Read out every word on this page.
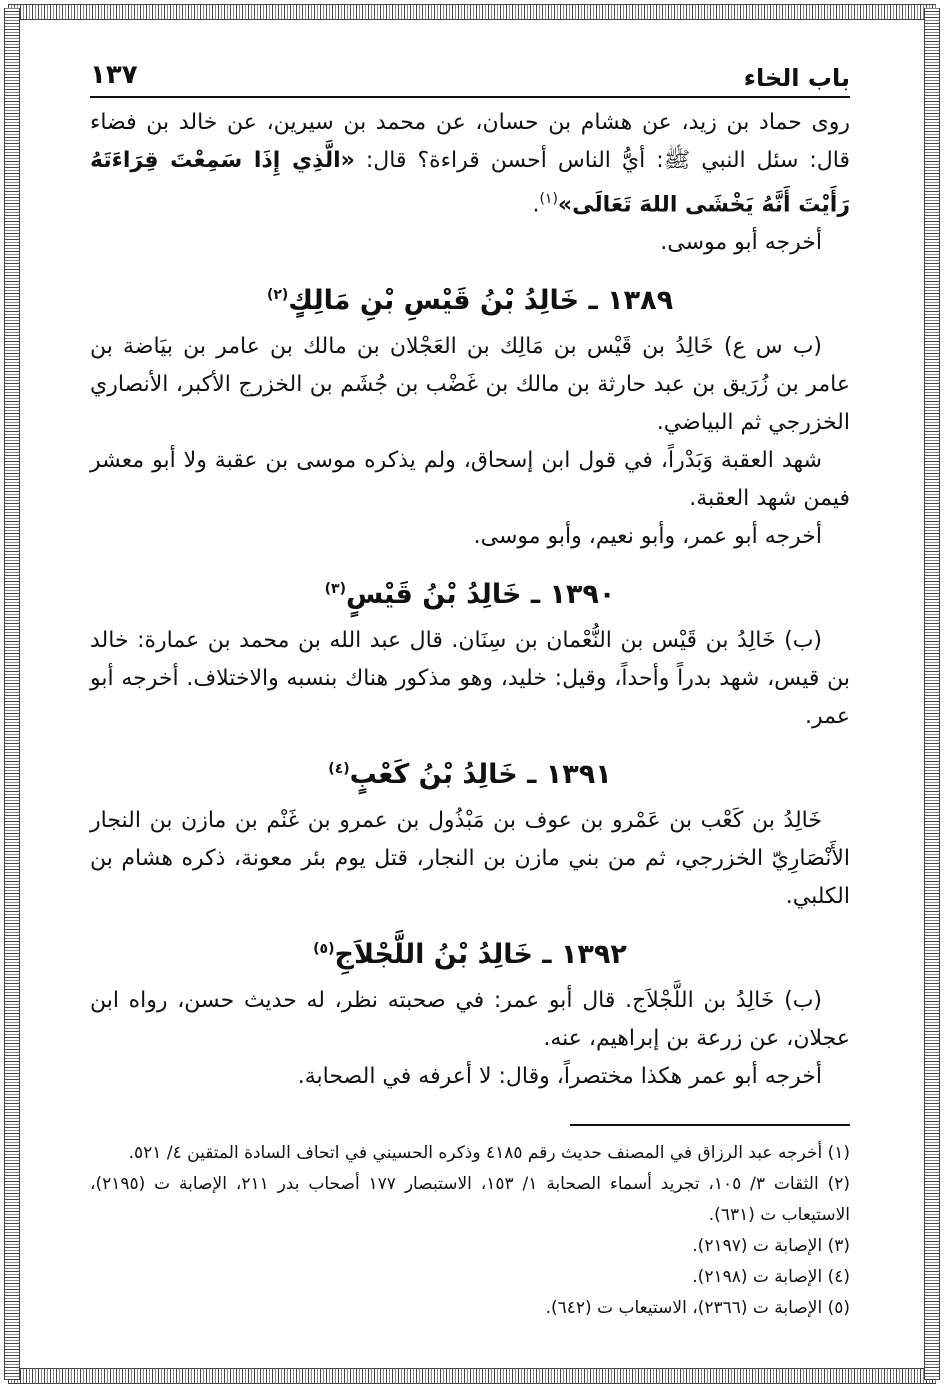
باب الخاء
١٣٧

روى حماد بن زيد، عن هشام بن حسان، عن محمد بن سيرين، عن خالد بن فضاء قال: سئل النبي ﷺ: أيُّ الناس أحسن قراءة؟ قال: «الَّذِي إِذَا سَمِعْتَ قِرَاءَتَهُ رَأَيْتَ أَنَّهُ يَخْشَى اللهَ تَعَالَى»$^{(١)}$.

أخرجه أبو موسى.

١٣٨٩ ـ خَالِدُ بْنُ قَيْسِ بْنِ مَالِكٍ$^{(٢)}$

(ب س ع) خَالِدُ بن قَيْس بن مَالِك بن العَجْلان بن مالك بن عامر بن بيَاضة بن عامر بن زُرَيق بن عبد حارثة بن مالك بن غَضْب بن جُشَم بن الخزرج الأكبر، الأنصاري الخزرجي ثم البياضي.

شهد العقبة وَبَدْراً، في قول ابن إسحاق، ولم يذكره موسى بن عقبة ولا أبو معشر فيمن شهد العقبة.

أخرجه أبو عمر، وأبو نعيم، وأبو موسى.

١٣٩٠ ـ خَالِدُ بْنُ قَيْسٍ$^{(٣)}$

(ب) خَالِدُ بن قَيْس بن النُّعْمان بن سِنَان. قال عبد الله بن محمد بن عمارة: خالد بن قيس، شهد بدراً وأحداً، وقيل: خليد، وهو مذكور هناك بنسبه والاختلاف. أخرجه أبو عمر.

١٣٩١ ـ خَالِدُ بْنُ كَعْبٍ$^{(٤)}$

خَالِدُ بن كَعْب بن عَمْرو بن عوف بن مَبْذُول بن عمرو بن غَنْم بن مازن بن النجار الأَنْصَارِيّ الخزرجي، ثم من بني مازن بن النجار، قتل يوم بئر معونة، ذكره هشام بن الكلبي.

١٣٩٢ ـ خَالِدُ بْنُ اللَّجْلاَجِ$^{(٥)}$

(ب) خَالِدُ بن اللَّجْلاَج. قال أبو عمر: في صحبته نظر، له حديث حسن، رواه ابن عجلان، عن زرعة بن إبراهيم، عنه.

أخرجه أبو عمر هكذا مختصراً، وقال: لا أعرفه في الصحابة.

(١) أخرجه عبد الرزاق في المصنف حديث رقم ٤١٨٥ وذكره الحسيني في اتحاف السادة المتقين ٤/ ٥٢١.

(٢) الثقات ٣/ ١٠٥، تجريد أسماء الصحابة ١/ ١٥٣، الاستبصار ١٧٧ أصحاب بدر ٢١١، الإصابة ت (٢١٩٥)، الاستيعاب ت (٦٣١).

(٣) الإصابة ت (٢١٩٧).

(٤) الإصابة ت (٢١٩٨).

(٥) الإصابة ت (٢٣٦٦)، الاستيعاب ت (٦٤٢).
